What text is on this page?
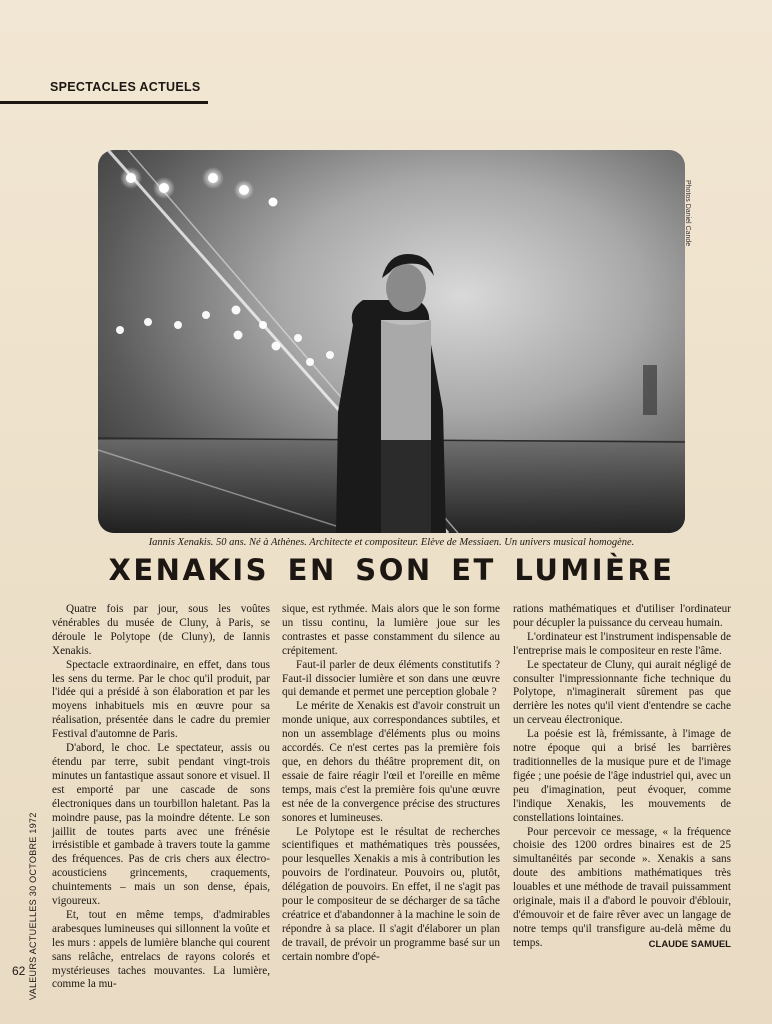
SPECTACLES ACTUELS
Photos Daniel Cande
Iannis Xenakis. 50 ans. Né à Athènes. Architecte et compositeur. Elève de Messiaen. Un univers musical homogène.
XENAKIS EN SON ET LUMIÈRE

Quatre fois par jour, sous les voûtes vénérables du musée de Cluny, à Paris, se déroule le Polytope (de Cluny), de Iannis Xenakis.

Spectacle extraordinaire, en effet, dans tous les sens du terme. Par le choc qu'il produit, par l'idée qui a présidé à son élaboration et par les moyens inhabituels mis en œuvre pour sa réalisation, présentée dans le cadre du premier Festival d'automne de Paris.

D'abord, le choc. Le spectateur, assis ou étendu par terre, subit pendant vingt-trois minutes un fantastique assaut sonore et visuel. Il est emporté par une cascade de sons électroniques dans un tourbillon haletant. Pas la moindre pause, pas la moindre détente. Le son jaillit de toutes parts avec une frénésie irrésistible et gambade à travers toute la gamme des fréquences. Pas de cris chers aux électro-acousticiens grincements, craquements, chuintements – mais un son dense, épais, vigoureux.

Et, tout en même temps, d'admirables arabesques lumineuses qui sillonnent la voûte et les murs : appels de lumière blanche qui courent sans relâche, entrelacs de rayons colorés et mystérieuses taches mouvantes. La lumière, comme la mu-

sique, est rythmée. Mais alors que le son forme un tissu continu, la lumière joue sur les contrastes et passe constamment du silence au crépitement.

Faut-il parler de deux éléments constitutifs ? Faut-il dissocier lumière et son dans une œuvre qui demande et permet une perception globale ?

Le mérite de Xenakis est d'avoir construit un monde unique, aux correspondances subtiles, et non un assemblage d'éléments plus ou moins accordés. Ce n'est certes pas la première fois que, en dehors du théâtre proprement dit, on essaie de faire réagir l'œil et l'oreille en même temps, mais c'est la première fois qu'une œuvre est née de la convergence précise des structures sonores et lumineuses.

Le Polytope est le résultat de recherches scientifiques et mathématiques très poussées, pour lesquelles Xenakis a mis à contribution les pouvoirs de l'ordinateur. Pouvoirs ou, plutôt, délégation de pouvoirs. En effet, il ne s'agit pas pour le compositeur de se décharger de sa tâche créatrice et d'abandonner à la machine le soin de répondre à sa place. Il s'agit d'élaborer un plan de travail, de prévoir un programme basé sur un certain nombre d'opé-

rations mathématiques et d'utiliser l'ordinateur pour décupler la puissance du cerveau humain.

L'ordinateur est l'instrument indispensable de l'entreprise mais le compositeur en reste l'âme.

Le spectateur de Cluny, qui aurait négligé de consulter l'impressionnante fiche technique du Polytope, n'imaginerait sûrement pas que derrière les notes qu'il vient d'entendre se cache un cerveau électronique.

La poésie est là, frémissante, à l'image de notre époque qui a brisé les barrières traditionnelles de la musique pure et de l'image figée ; une poésie de l'âge industriel qui, avec un peu d'imagination, peut évoquer, comme l'indique Xenakis, les mouvements de constellations lointaines.

Pour percevoir ce message, « la fréquence choisie des 1200 ordres binaires est de 25 simultanéités par seconde ». Xenakis a sans doute des ambitions mathématiques très louables et une méthode de travail puissamment originale, mais il a d'abord le pouvoir d'éblouir, d'émouvoir et de faire rêver avec un langage de notre temps qu'il transfigure au-delà même du temps.	CLAUDE SAMUEL
62 VALEURS ACTUELLES 30 OCTOBRE 1972
